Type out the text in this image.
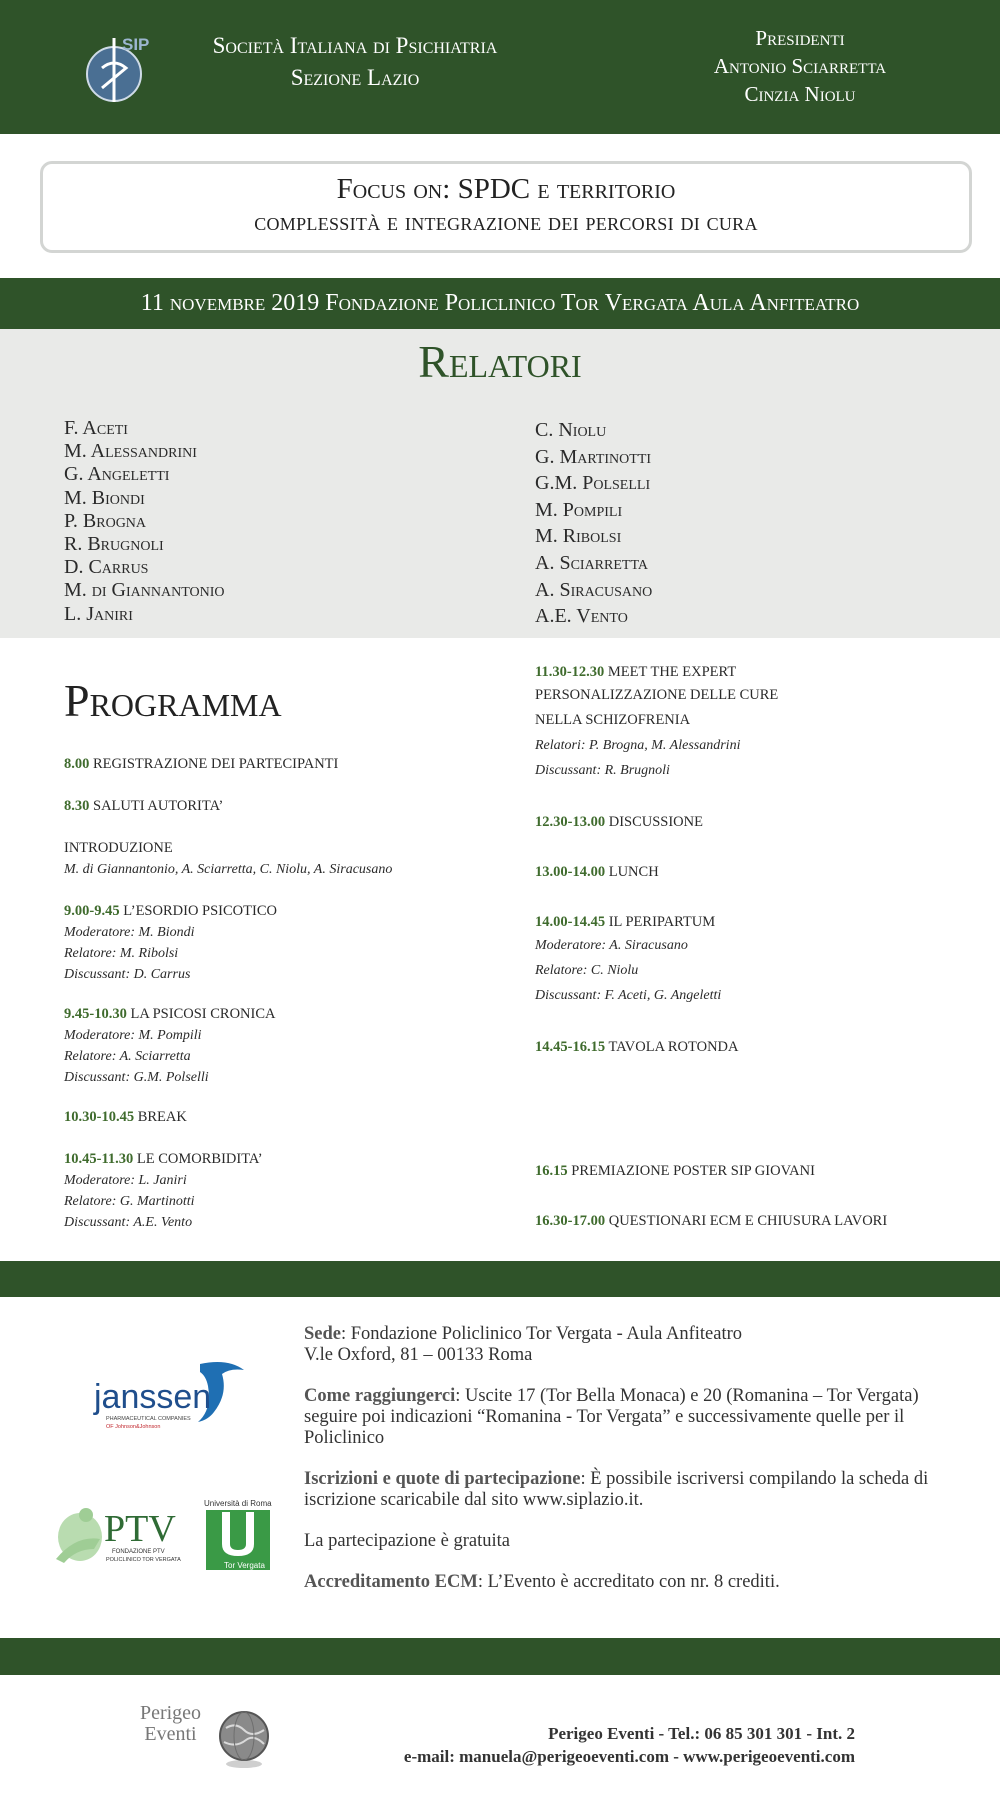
SIP	Società Italiana di Psichiatria
Sezione Lazio
Presidenti
Antonio Sciarretta
Cinzia Niolu
Focus on: SPDC e territorio
complessità e integrazione dei percorsi di cura
11 novembre 2019 Fondazione Policlinico Tor Vergata Aula Anfiteatro
Relatori
F. Aceti
M. Alessandrini
G. Angeletti
M. Biondi
P. Brogna
R. Brugnoli
D. Carrus
M. di Giannantonio
L. Janiri
C. Niolu
G. Martinotti
G.M. Polselli
M. Pompili
M. Ribolsi
A. Sciarretta
A. Siracusano
A.E. Vento
Programma
8.00 REGISTRAZIONE DEI PARTECIPANTI
8.30 SALUTI AUTORITA’
INTRODUZIONE
M. di Giannantonio, A. Sciarretta, C. Niolu, A. Siracusano
9.00-9.45 L’ESORDIO PSICOTICO
Moderatore: M. Biondi
Relatore: M. Ribolsi
Discussant: D. Carrus
9.45-10.30 LA PSICOSI CRONICA
Moderatore: M. Pompili
Relatore: A. Sciarretta
Discussant: G.M. Polselli
10.30-10.45 BREAK
10.45-11.30 LE COMORBIDITA’
Moderatore: L. Janiri
Relatore: G. Martinotti
Discussant: A.E. Vento
11.30-12.30 MEET THE EXPERT
PERSONALIZZAZIONE DELLE CURE
NELLA SCHIZOFRENIA
Relatori: P. Brogna, M. Alessandrini
Discussant: R. Brugnoli
12.30-13.00 DISCUSSIONE
13.00-14.00 LUNCH
14.00-14.45 IL PERIPARTUM
Moderatore: A. Siracusano
Relatore: C. Niolu
Discussant: F. Aceti, G. Angeletti
14.45-16.15 TAVOLA ROTONDA
16.15 PREMIAZIONE POSTER SIP GIOVANI
16.30-17.00 QUESTIONARI ECM E CHIUSURA LAVORI
janssen
PHARMACEUTICAL COMPANIES
OF Johnson&Johnson
PTV
FONDAZIONE PTV
POLICLINICO TOR VERGATA
Università di Roma
Tor Vergata

Sede: Fondazione Policlinico Tor Vergata - Aula Anfiteatro
V.le Oxford, 81 – 00133 Roma

Come raggiungerci: Uscite 17 (Tor Bella Monaca) e 20 (Romanina – Tor Vergata) seguire poi indicazioni “Romanina - Tor Vergata” e successivamente quelle per il Policlinico

Iscrizioni e quote di partecipazione: È possibile iscriversi compilando la scheda di iscrizione scaricabile dal sito www.siplazio.it.

La partecipazione è gratuita

Accreditamento ECM: L’Evento è accreditato con nr. 8 crediti.

Perigeo
Eventi	Perigeo Eventi - Tel.: 06 85 301 301 - Int. 2
e-mail: manuela@perigeoeventi.com - www.perigeoeventi.com
